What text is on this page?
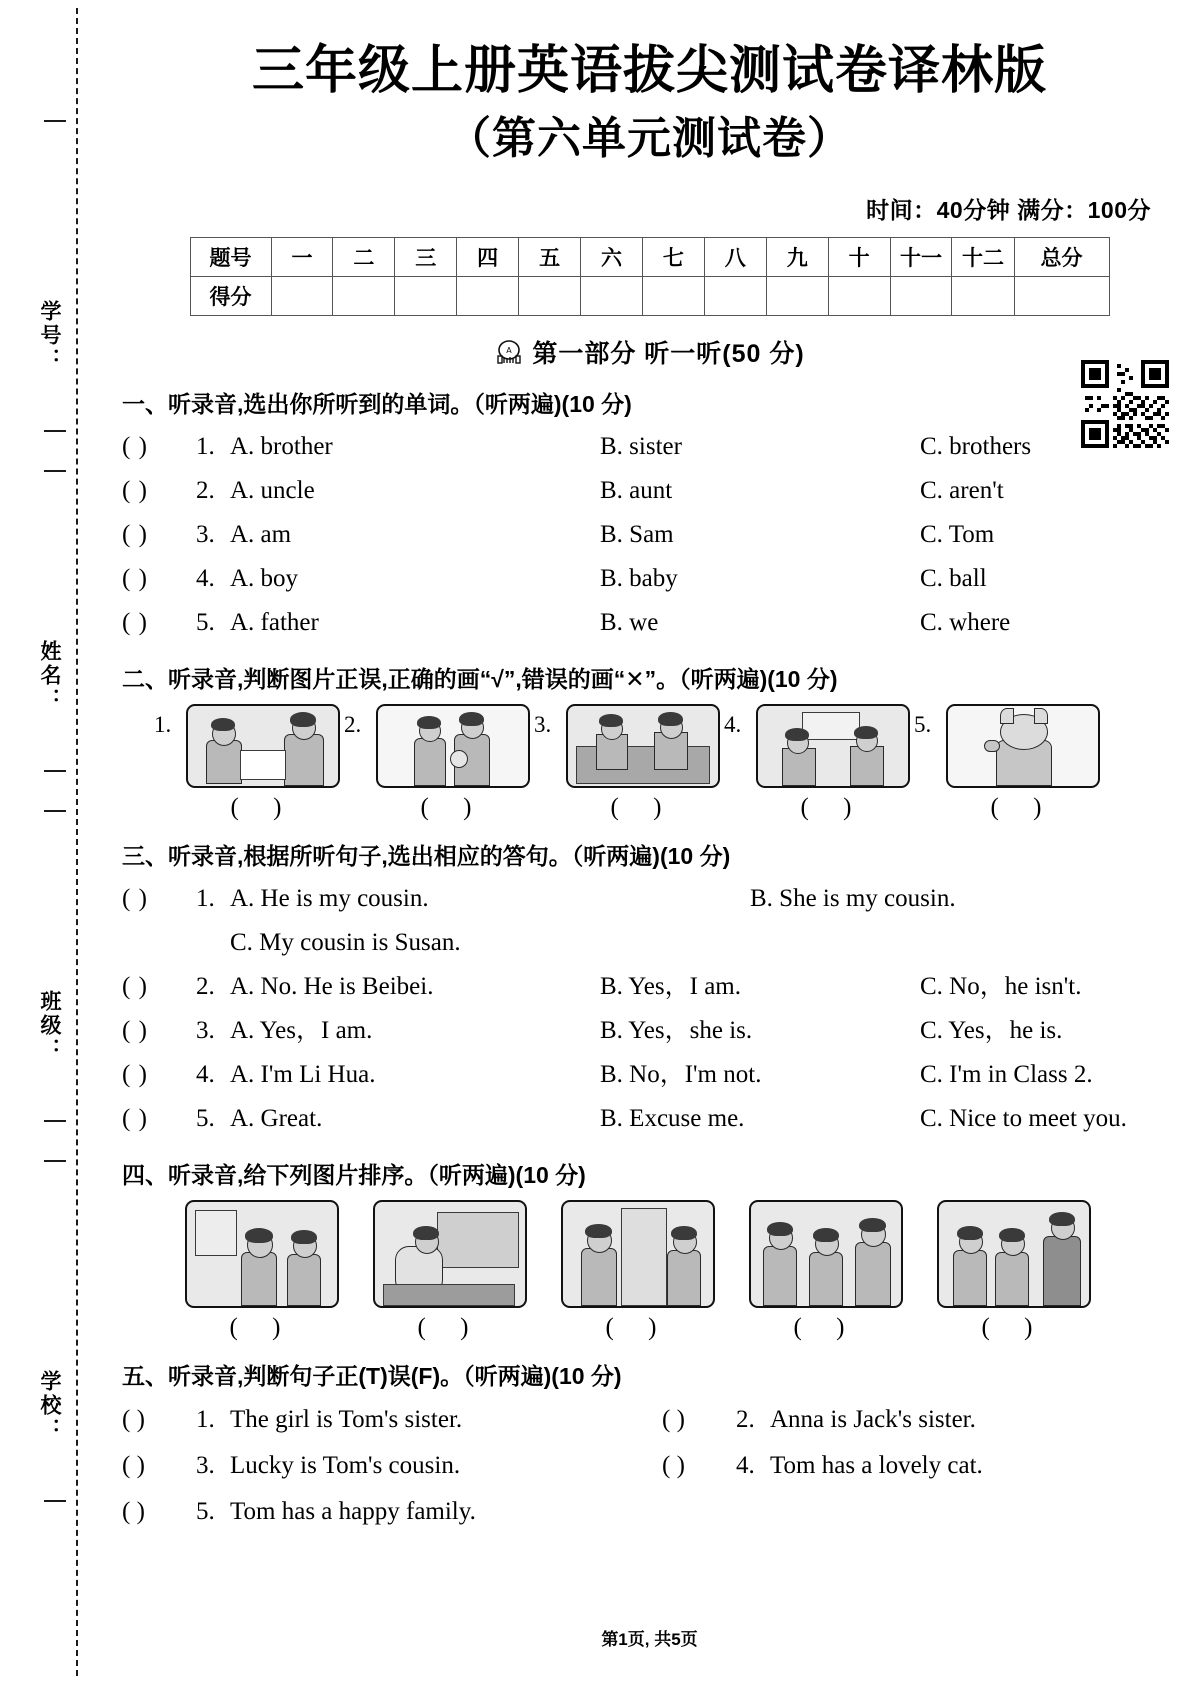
学号：
姓名：
班级：
学校：
三年级上册英语拔尖测试卷译林版
（第六单元测试卷）
时间：40分钟 满分：100分
题号	一	二	三	四	五	六	七	八	九	十	十一	十二	总分
得分													
A 第一部分 听一听(50 分)
一、听录音,选出你所听到的单词。（听两遍)(10 分)
( )	1. A. brother	B. sister	C. brothers
( )	2. A. uncle	B. aunt	C. aren't
( )	3. A. am	B. Sam	C. Tom
( )	4. A. boy	B. baby	C. ball
( )	5. A. father	B. we	C. where
二、听录音,判断图片正误,正确的画“√”,错误的画“✕”。（听两遍)(10 分)
1.
( )
2.
( )
3.
( )
4.
( )
5.
( )
三、听录音,根据所听句子,选出相应的答句。（听两遍)(10 分)
( )	1. A. He is my cousin.	B. She is my cousin.
C. My cousin is Susan.
( )	2. A. No. He is Beibei.	B. Yes，I am.	C. No，he isn't.
( )	3. A. Yes，I am.	B. Yes，she is.	C. Yes，he is.
( )	4. A. I'm Li Hua.	B. No，I'm not.	C. I'm in Class 2.
( )	5. A. Great.	B. Excuse me.	C. Nice to meet you.
四、听录音,给下列图片排序。（听两遍)(10 分)
( )	( )	( )	( )	( )
五、听录音,判断句子正(T)误(F)。（听两遍)(10 分)
( )	1. The girl is Tom's sister.	( )	2. Anna is Jack's sister.
( )	3. Lucky is Tom's cousin.	( )	4. Tom has a lovely cat.
( )	5. Tom has a happy family.
第1页, 共5页
